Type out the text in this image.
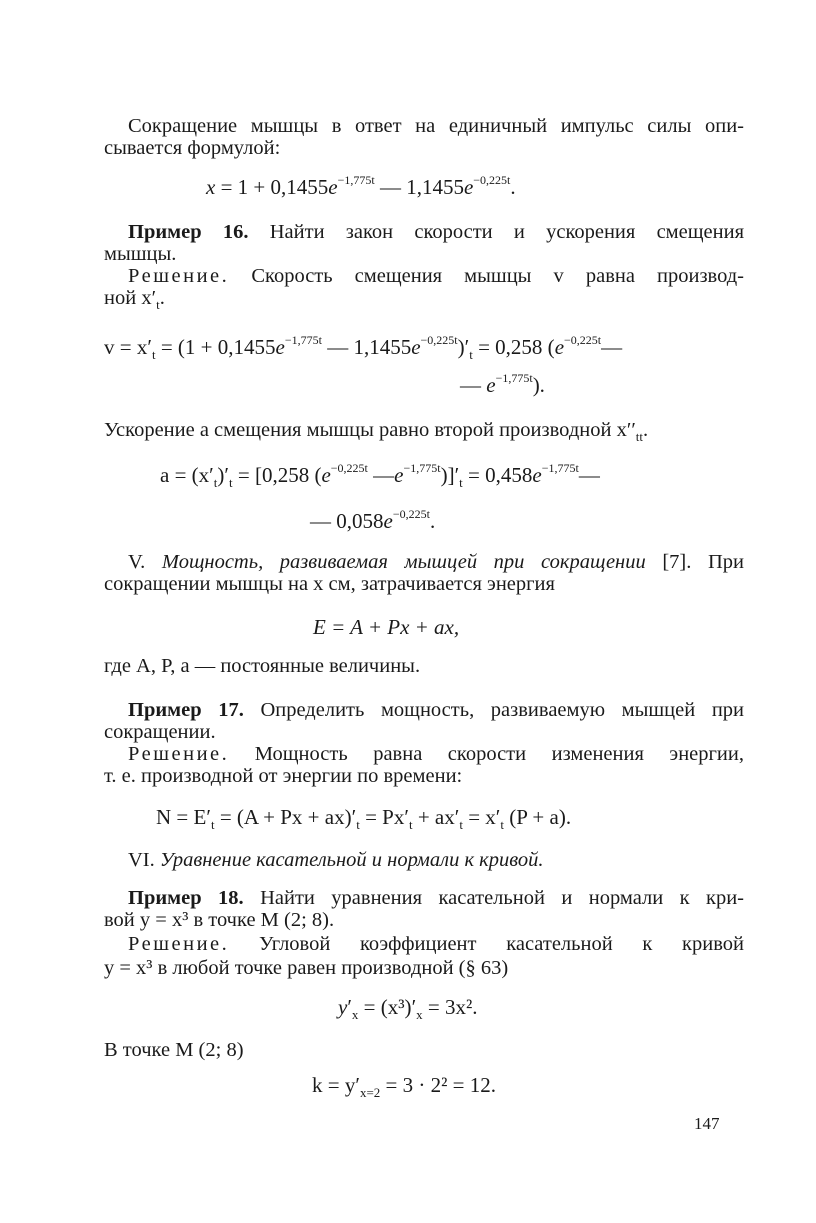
Сокращение мышцы в ответ на единичный импульс силы опи-
сывается формулой:
$x = 1 + 0,1455e^{-1,775t}$ — $1,1455e^{-0,225t}$.
Пример 16. Найти закон скорости и ускорения смещения
мышцы.
Решение. Скорость смещения мышцы v равна производ-
ной $x'_t$.
$v = x'_t = (1 + 0,1455e^{-1,775t}$ — $1,1455e^{-0,225t})'_t = 0,258$ ($e^{-0,225t}—$
— $e^{-1,775t}$).
Ускорение a смещения мышцы равно второй производной $x''_{tt}$.
$a = (x'_t)'_t = [0,258$ ($e^{-0,225t}$ $—e^{-1,775t})]'_t$ = $0,458e^{-1,775t}—$
— $0,058e^{-0,225t}$.
V. Мощность, развиваемая мышцей при сокращении [7]. При
сокращении мышцы на x см, затрачивается энергия
E = A + Px + ax,
где A, P, a — постоянные величины.
Пример 17. Определить мощность, развиваемую мышцей при
сокращении.
Решение. Мощность равна скорости изменения энергии,
т. е. производной от энергии по времени:
$N = E'_t = (A + Px + ax)'_t = Px'_t + ax'_t = x'_t$ (P + a).
VI. Уравнение касательной и нормали к кривой.
Пример 18. Найти уравнения касательной и нормали к кри-
вой y = x³ в точке M (2; 8).
Решение. Угловой коэффициент касательной к кривой
y = x³ в любой точке равен производной (§ 63)
$y'_x = (x^3)'_x = 3x^2$.
В точке M (2; 8)
$k = y'_{x=2} = 3 \cdot 2^2 = 12$.
147
